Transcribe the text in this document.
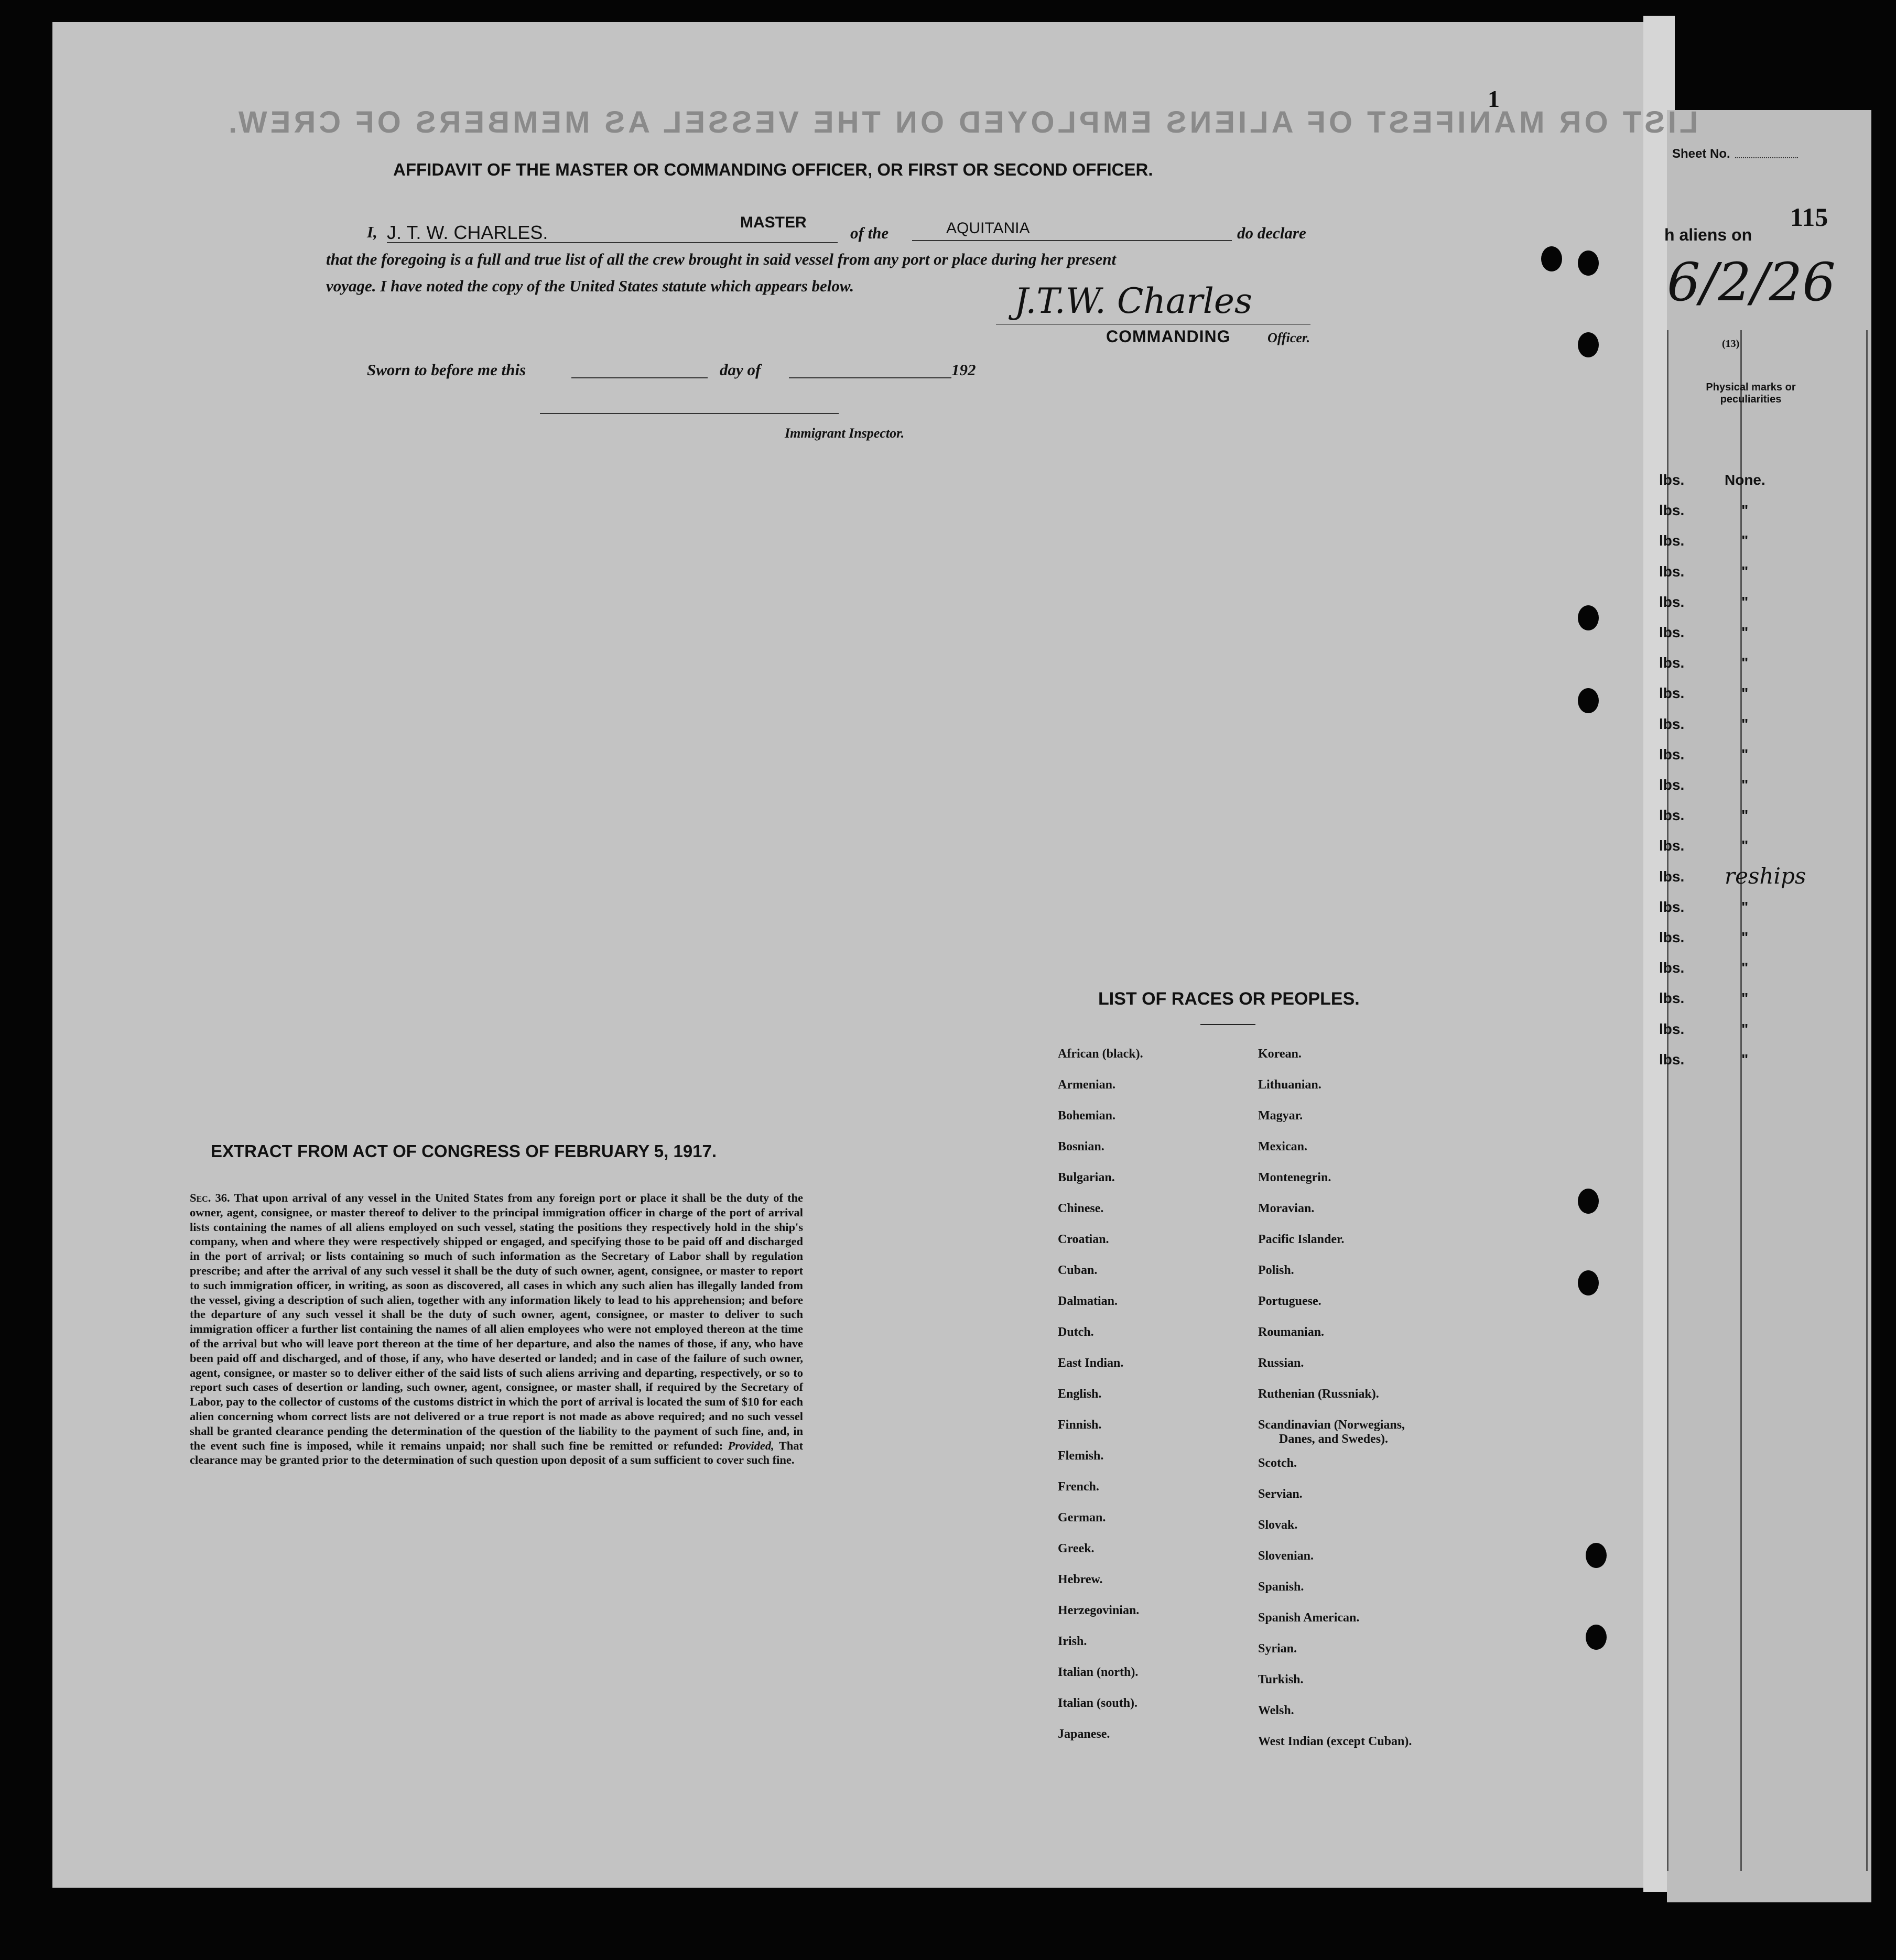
Sheet No.
115
h aliens on
6/2/26
(13)
Physical marks or peculiarities
lbs.	None.
lbs.	"
lbs.	"
lbs.	"
lbs.	"
lbs.	"
lbs.	"
lbs.	"
lbs.	"
lbs.	"
lbs.	"
lbs.	"
lbs.	"
lbs. reships
lbs.	"
lbs.	"
lbs.	"
lbs.	"
lbs.	"
lbs.	"
LIST OR MANIFEST OF ALIENS EMPLOYED ON THE VESSEL AS MEMBERS OF CREW.
1
AFFIDAVIT OF THE MASTER OR COMMANDING OFFICER, OR FIRST OR SECOND OFFICER.
I, J. T. W. CHARLES.	MASTER
of the	AQUITANIA	do declare
that the foregoing is a full and true list of all the crew brought in said vessel from any port or place during her present
voyage. I have noted the copy of the United States statute which appears below.	J.T.W. Charles
COMMANDING	Officer.
Sworn to before me this	day of	192
Immigrant Inspector.
EXTRACT FROM ACT OF CONGRESS OF FEBRUARY 5, 1917.
Sec. 36. That upon arrival of any vessel in the United States from any foreign port or place it shall be the duty of the owner, agent, consignee, or master thereof to deliver to the principal immigration officer in charge of the port of arrival lists containing the names of all aliens employed on such vessel, stating the positions they respectively hold in the ship's company, when and where they were respectively shipped or engaged, and specifying those to be paid off and discharged in the port of arrival; or lists containing so much of such information as the Secretary of Labor shall by regulation prescribe; and after the arrival of any such vessel it shall be the duty of such owner, agent, consignee, or master to report to such immigration officer, in writing, as soon as discovered, all cases in which any such alien has illegally landed from the vessel, giving a description of such alien, together with any information likely to lead to his apprehension; and before the departure of any such vessel it shall be the duty of such owner, agent, consignee, or master to deliver to such immigration officer a further list containing the names of all alien employees who were not employed thereon at the time of the arrival but who will leave port thereon at the time of her departure, and also the names of those, if any, who have been paid off and discharged, and of those, if any, who have deserted or landed; and in case of the failure of such owner, agent, consignee, or master so to deliver either of the said lists of such aliens arriving and departing, respectively, or so to report such cases of desertion or landing, such owner, agent, consignee, or master shall, if required by the Secretary of Labor, pay to the collector of customs of the customs district in which the port of arrival is located the sum of $10 for each alien concerning whom correct lists are not delivered or a true report is not made as above required; and no such vessel shall be granted clearance pending the determination of the question of the liability to the payment of such fine, and, in the event such fine is imposed, while it remains unpaid; nor shall such fine be remitted or refunded: Provided, That clearance may be granted prior to the determination of such question upon deposit of a sum sufficient to cover such fine.
LIST OF RACES OR PEOPLES.
African (black).
Armenian.
Bohemian.
Bosnian.
Bulgarian.
Chinese.
Croatian.
Cuban.
Dalmatian.
Dutch.
East Indian.
English.
Finnish.
Flemish.
French.
German.
Greek.
Hebrew.
Herzegovinian.
Irish.
Italian (north).
Italian (south).
Japanese.
Korean.
Lithuanian.
Magyar.
Mexican.
Montenegrin.
Moravian.
Pacific Islander.
Polish.
Portuguese.
Roumanian.
Russian.
Ruthenian (Russniak).
Scandinavian (Norwegians,
Danes, and Swedes).
Scotch.
Servian.
Slovak.
Slovenian.
Spanish.
Spanish American.
Syrian.
Turkish.
Welsh.
West Indian (except Cuban).
